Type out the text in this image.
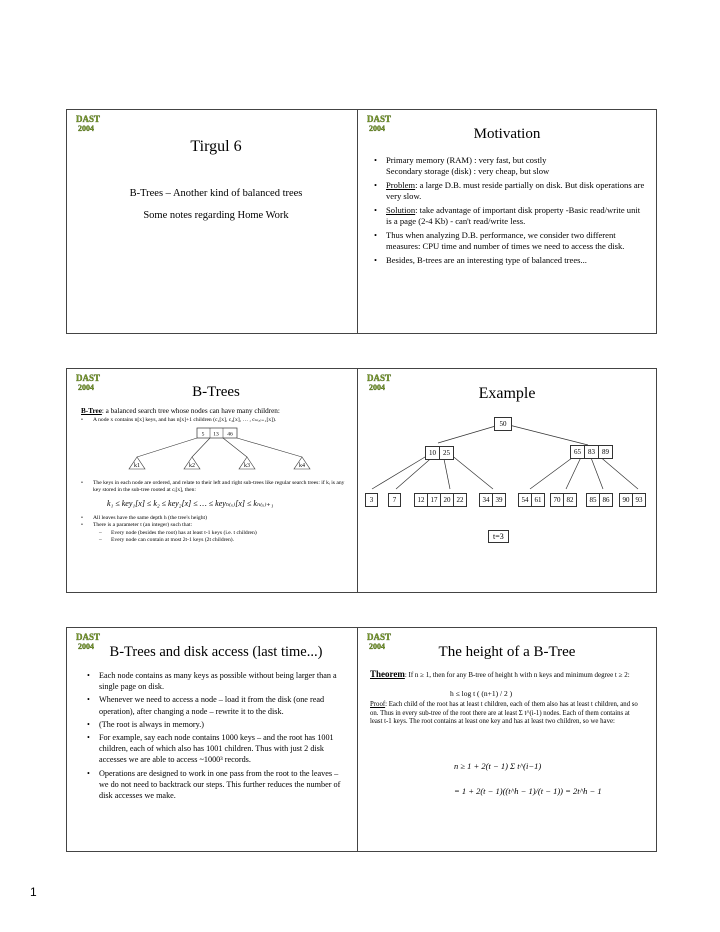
DAST
2004
Tirgul 6
B-Trees – Another kind of balanced trees
Some notes regarding Home Work
DAST
2004	Motivation
• Primary memory (RAM) : very fast, but costly
Secondary storage (disk) : very cheap, but slow
• Problem: a large D.B. must reside partially on disk. But disk operations are very slow.
• Solution: take advantage of important disk property -Basic read/write unit is a page (2-4 Kb) - can't read/write less.
• Thus when analyzing D.B. performance, we consider two different measures: CPU time and number of times we need to access the disk.
• Besides, B-trees are an interesting type of balanced trees...
DAST
2004	B-Trees
B-Tree: a balanced search tree whose nodes can have many children:
• A node x contains n[x] keys, and has n[x]+1 children (c₁[x], c₂[x], … , cₙ₍ₓ₎₊₁[x]).
5 13 46
k1	k2	k3	k4
• The keys in each node are ordered, and relate to their left and right sub-trees like regular search trees: if kᵢ is any key stored in the sub-tree rooted at cᵢ[x], then:
k₁ ≤ key₁[x] ≤ k₂ ≤ key₂[x] ≤ … ≤ keyₙ₍ₓ₎[x] ≤ kₙ₍ₓ₎₊₁
• All leaves have the same depth h (the tree's height)
• There is a parameter t (an integer) such that:
– Every node (besides the root) has at least t-1 keys (i.e. t children)
– Every node can contain at most 2t-1 keys (2t children).
DAST
2004	Example
50
10 25	65 83 89
3	7	12 17 20 22	34 39	54 61	70 82	85 86	90 93
t=3
DAST
2004	B-Trees and disk access (last time...)
• Each node contains as many keys as possible without being larger than a single page on disk.
• Whenever we need to access a node – load it from the disk (one read operation), after changing a node – rewrite it to the disk.
• (The root is always in memory.)
• For example, say each node contains 1000 keys – and the root has 1001 children, each of which also has 1001 children. Thus with just 2 disk accesses we are able to access ~1000³ records.
• Operations are designed to work in one pass from the root to the leaves – we do not need to backtrack our steps. This further reduces the number of disk accesses we make.
DAST
2004	The height of a B-Tree
Theorem: If n ≥ 1, then for any B-tree of height h with n keys and minimum degree t ≥ 2:
h ≤ log t ( (n+1) / 2 )
Proof: Each child of the root has at least t children, each of them also has at least t children, and so on. Thus in every sub-tree of the root there are at least Σ t^(i-1) nodes. Each of them contains at least t-1 keys. The root contains at least one key and has at least two children, so we have:
n ≥ 1 + 2(t − 1) Σ t^(i−1)
= 1 + 2(t − 1)((t^h − 1)/(t − 1)) = 2t^h − 1
1
